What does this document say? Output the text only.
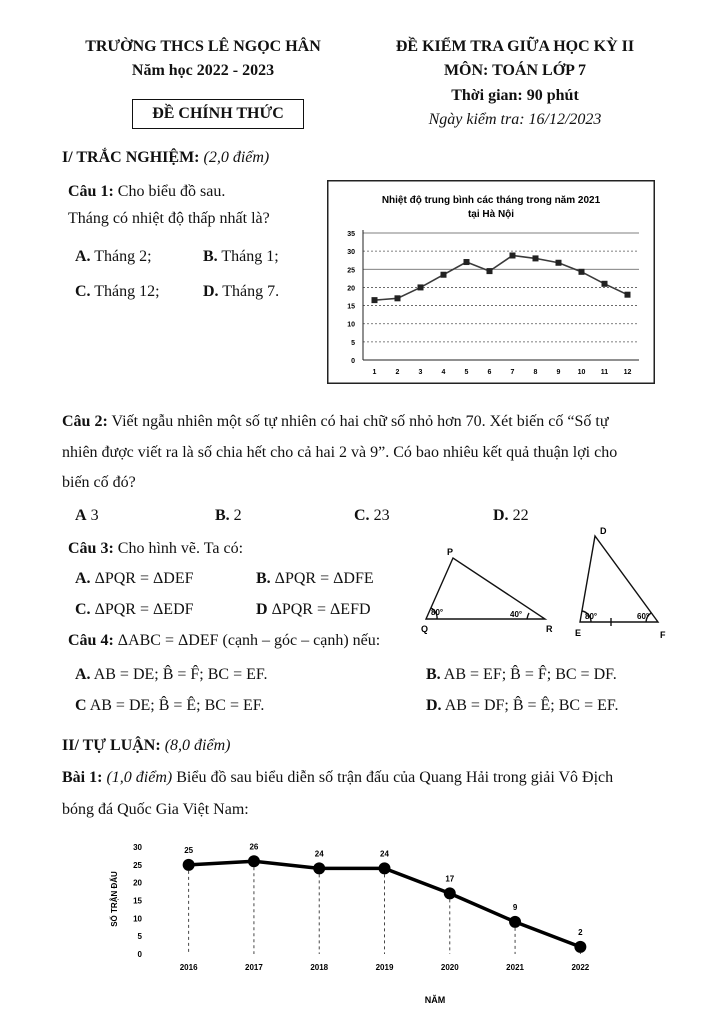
TRƯỜNG THCS LÊ NGỌC HÂN
Năm học 2022 - 2023
ĐỀ CHÍNH THỨC
ĐỀ KIỂM TRA GIỮA HỌC KỲ II
MÔN: TOÁN LỚP 7
Thời gian: 90 phút
Ngày kiểm tra: 16/12/2023
I/ TRẮC NGHIỆM: (2,0 điểm)
Câu 1: Cho biểu đồ sau.
Tháng có nhiệt độ thấp nhất là?
A. Tháng 2;	B. Tháng 1;
C. Tháng 12;	D. Tháng 7.
Nhiệt độ trung bình các tháng trong năm 2021
tại Hà Nội
0
5
10
15
20
25
30
35
1	2	3	4	5	6	7	8	9 10 11 12
Câu 2: Viết ngẫu nhiên một số tự nhiên có hai chữ số nhỏ hơn 70. Xét biến cố “Số tự
nhiên được viết ra là số chia hết cho cả hai 2 và 9”. Có bao nhiêu kết quả thuận lợi cho
biến cố đó?
A 3	B. 2	C. 23	D. 22
Câu 3: Cho hình vẽ. Ta có:
A. ΔPQR = ΔDEF	B. ΔPQR = ΔDFE
C. ΔPQR = ΔEDF	D ΔPQR = ΔEFD
P
Q	R
80°	40°
D
E	F
80°	60°
Câu 4: ΔABC = ΔDEF (cạnh – góc – cạnh) nếu:
A. AB = DE; B̂ = F̂; BC = EF.	B. AB = EF; B̂ = F̂; BC = DF.
C AB = DE; B̂ = Ê; BC = EF.	D. AB = DF; B̂ = Ê; BC = EF.
II/ TỰ LUẬN: (8,0 điểm)
Bài 1: (1,0 điểm) Biểu đồ sau biểu diễn số trận đấu của Quang Hải trong giải Vô Địch
bóng đá Quốc Gia Việt Nam:
0
5
10
15
20
25
30
2016	2017	2018	2019	2020	2021	2022
25	26
24	24
17
9
2
SỐ TRẬN ĐẤU
NĂM
